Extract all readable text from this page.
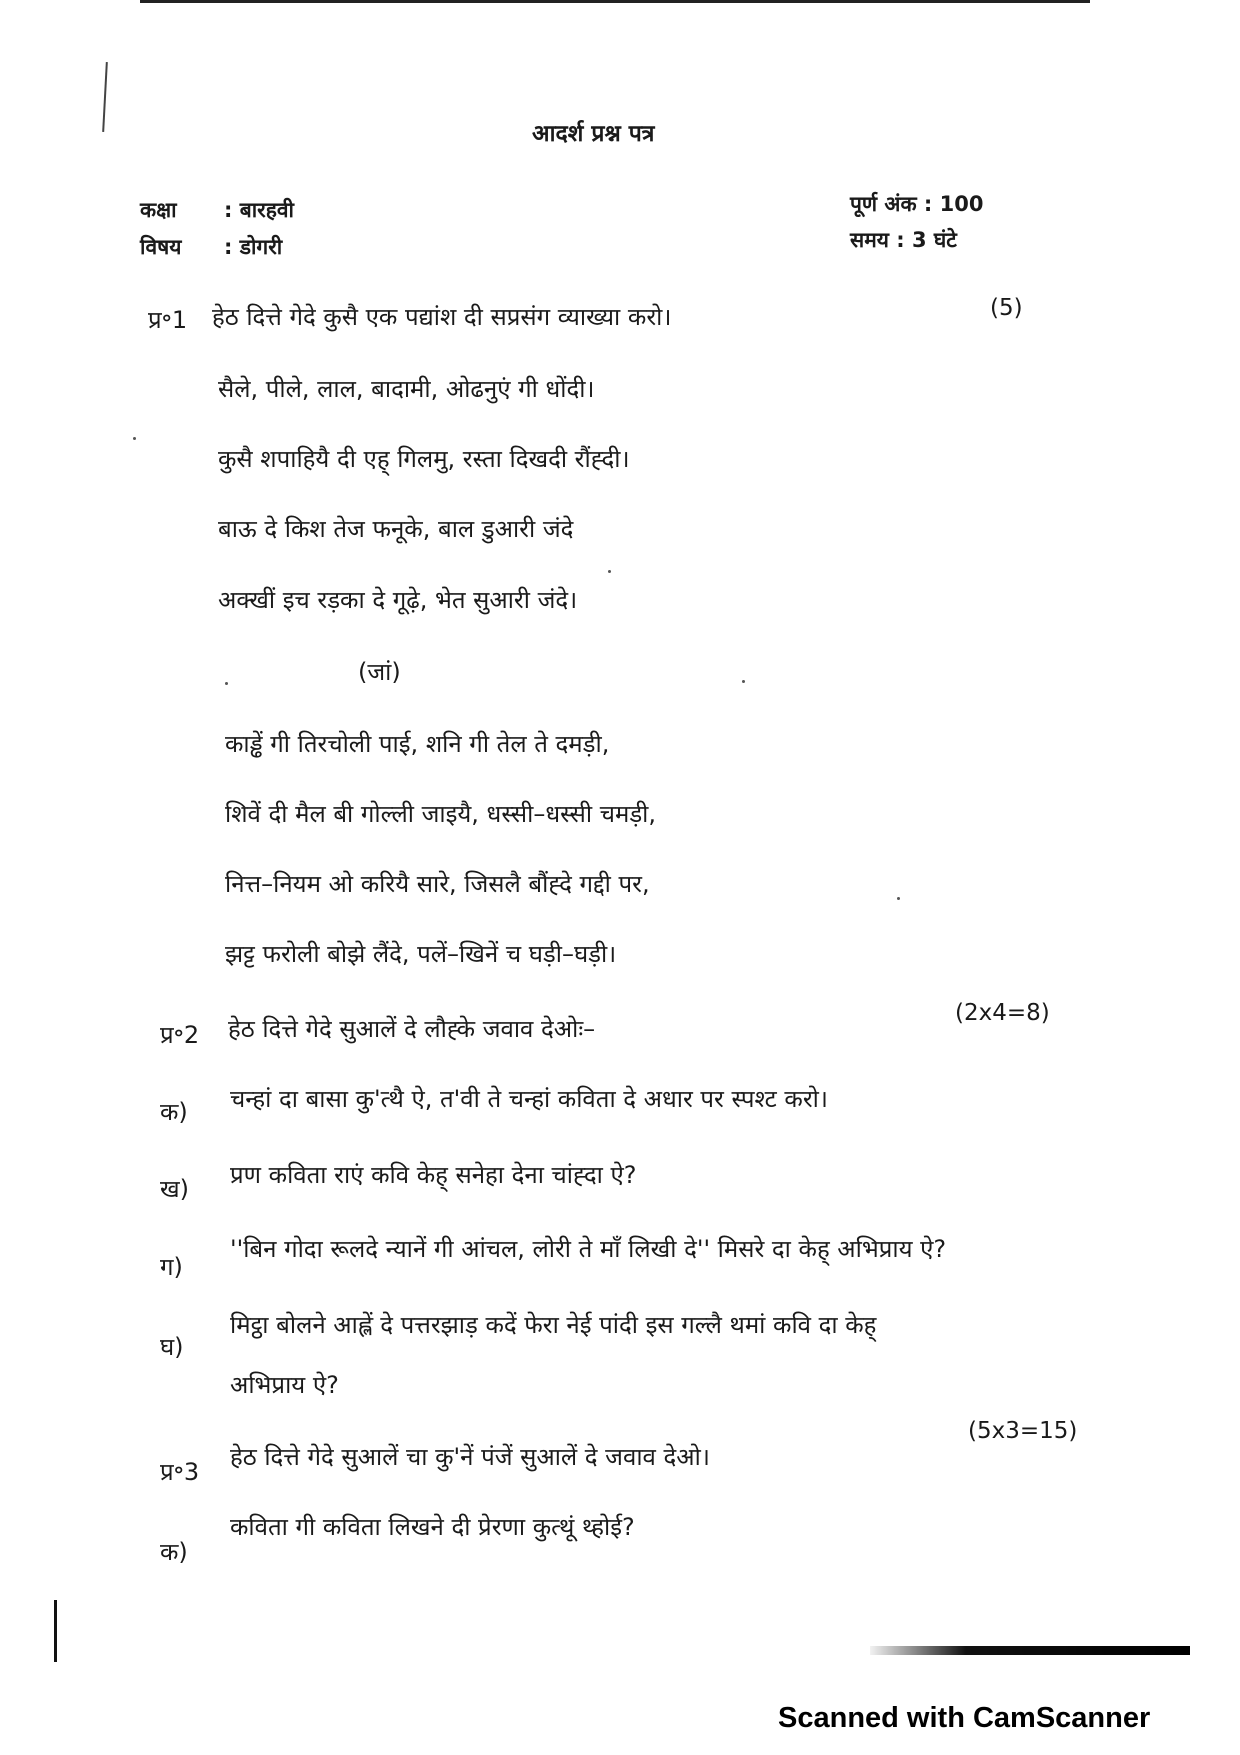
आदर्श प्रश्न पत्र
कक्षा : बारहवी
विषय : डोगरी
पूर्ण अंक : 100
समय : 3 घंटे
प्र॰1 हेठ दित्ते गेदे कुसै एक पद्यांश दी सप्रसंग व्याख्या करो।	(5)
सैले, पीले, लाल, बादामी, ओढनुएं गी धोंदी।
कुसै शपाहियै दी एह् गिलमु, रस्ता दिखदी रौंह्दी।
बाऊ दे किश तेज फनूके, बाल डुआरी जंदे
अक्खीं इच रड़का दे गूढ़े, भेत सुआरी जंदे।
(जां)
काड्ढें गी तिरचोली पाई, शनि गी तेल ते दमड़ी,
शिवें दी मैल बी गोल्ली जाइयै, धस्सी–धस्सी चमड़ी,
नित्त–नियम ओ करियै सारे, जिसलै बौंह्दे गद्दी पर,
झट्ट फरोली बोझे लैंदे, पलें–खिनें च घड़ी–घड़ी।
प्र॰2 हेठ दित्ते गेदे सुआलें दे लौह्के जवाव देओः–
(2x4=8)
क) चन्हां दा बासा कु'त्थै ऐ, त'वी ते चन्हां कविता दे अधार पर स्पश्ट करो।
ख) प्रण कविता राएं कवि केह् सनेहा देना चांह्दा ऐ?
ग)
''बिन गोदा रूलदे न्यानें गी आंचल, लोरी ते माँ लिखी दे'' मिसरे दा केह् अभिप्राय ऐ?
घ)
मिट्ठा बोलने आह्लें दे पत्तरझाड़ कदें फेरा नेई पांदी इस गल्लै थमां कवि दा केह्
अभिप्राय ऐ?
प्र॰3
हेठ दित्ते गेदे सुआलें चा कु'नें पंजें सुआलें दे जवाव देओ।
(5x3=15)
क)
कविता गी कविता लिखने दी प्रेरणा कुत्थूं थ्होई?
Scanned with CamScanner
